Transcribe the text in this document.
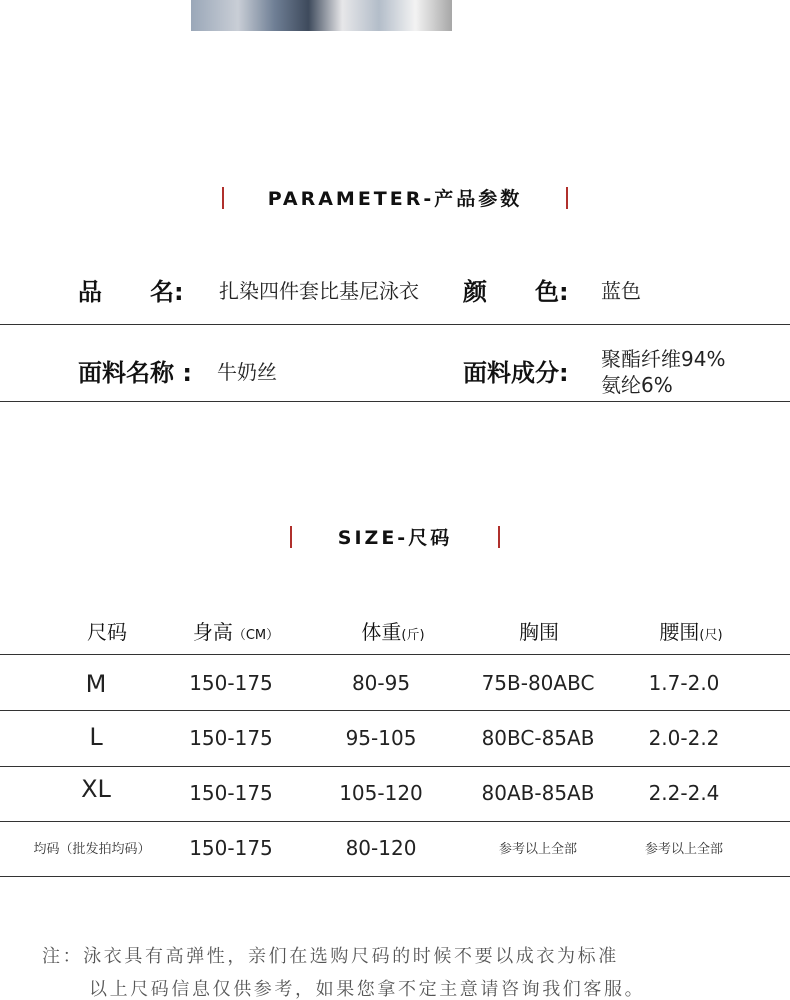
PARAMETER-产品参数
品　　名: 扎染四件套比基尼泳衣 颜　　色: 蓝色
面料名称 : 牛奶丝	面料成分: 聚酯纤维94%
氨纶6%
SIZE-尺码
尺码	身高（CM）	体重(斤)	胸围	腰围(尺)
M	150-175	80-95	75B-80ABC	1.7-2.0
L	150-175	95-105	80BC-85AB	2.0-2.2
XL	150-175	105-120	80AB-85AB	2.2-2.4
均码（批发拍均码） 150-175	80-120	参考以上全部	参考以上全部
注：泳衣具有高弹性，亲们在选购尺码的时候不要以成衣为标准
以上尺码信息仅供参考，如果您拿不定主意请咨询我们客服。
